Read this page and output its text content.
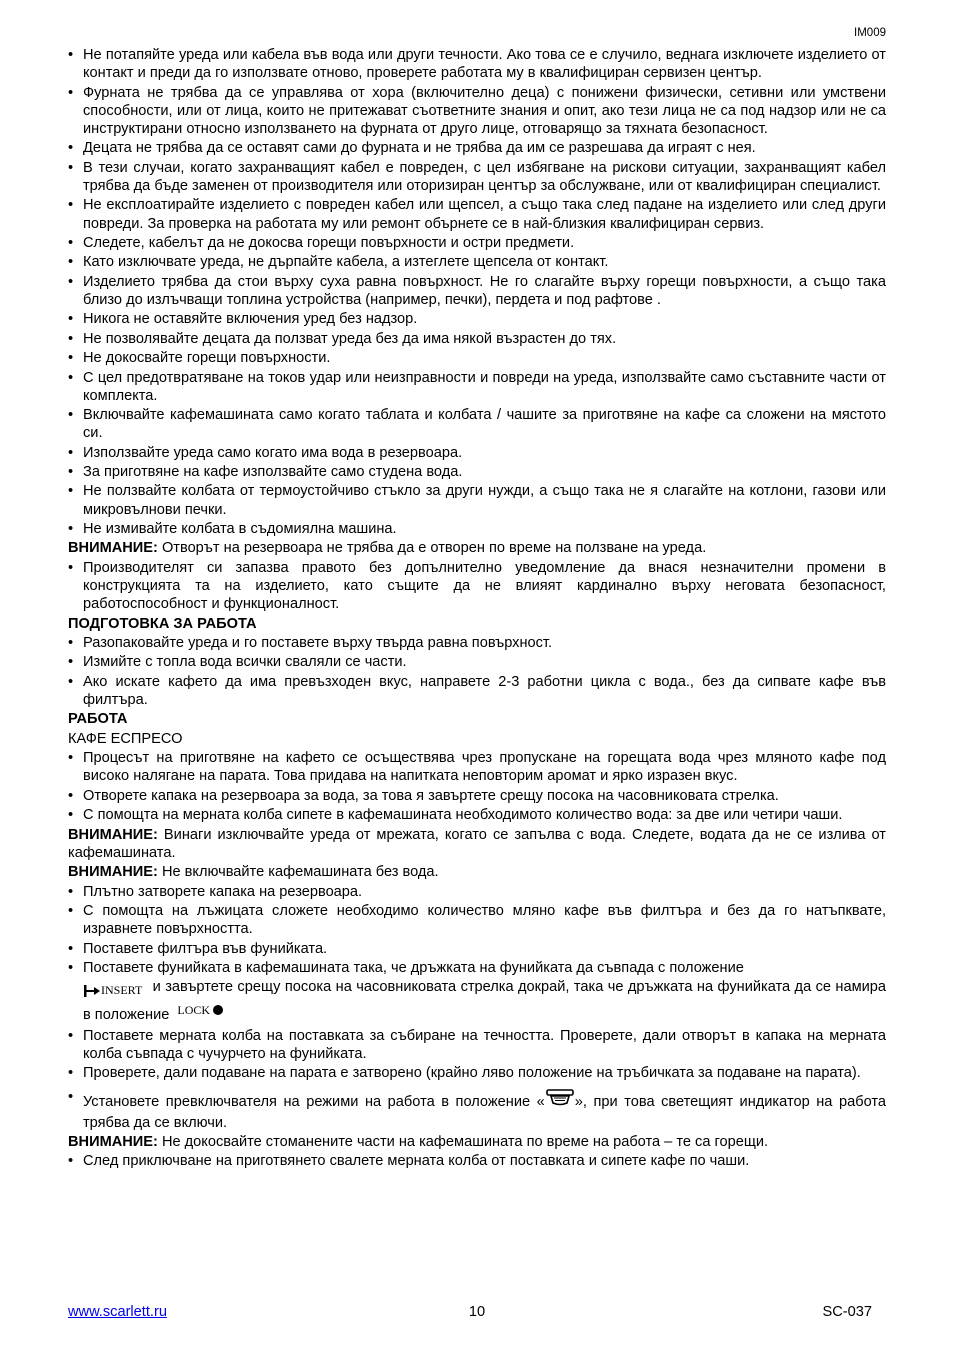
IM009
• Не потапяйте уреда или кабела във вода или други течности. Ако това се е случило, веднага изключете изделието от контакт и преди да го използвате отново, проверете работата му в квалифициран сервизен център.
• Фурната не трябва да се управлява от хора (включително деца) с понижени физически, сетивни или умствени способности, или от лица, които не притежават съответните знания и опит, ако тези лица не са под надзор или не са инструктирани относно използването на фурната от друго лице, отговарящо за тяхната безопасност.
• Децата не трябва да се оставят сами до фурната и не трябва да им се разрешава да играят с нея.
• В тези случаи, когато захранващият кабел е повреден, с цел избягване на рискови ситуации, захранващият кабел трябва да бъде заменен от производителя или оторизиран център за обслужване, или от квалифициран специалист.
• Не експлоатирайте изделието с повреден кабел или щепсел, а също така след падане на изделието или след други повреди. За проверка на работата му или ремонт обърнете се в най-близкия квалифициран сервиз.
• Следете, кабелът да не докосва горещи повърхности и остри предмети.
• Като изключвате уреда, не дърпайте кабела, а изтеглете щепсела от контакт.
• Изделието трябва да стои върху суха равна повърхност. Не го слагайте върху горещи повърхности, а също така близо до излъчващи топлина устройства (например, печки), пердета и под рафтове .
• Никога не оставяйте включения уред без надзор.
• Не позволявайте децата да ползват уреда без да има някой възрастен до тях.
• Не докосвайте горещи повърхности.
• С цел предотвратяване на токов удар или неизправности и повреди на уреда, използвайте само съставните части от комплекта.
• Включвайте кафемашината само когато таблата и колбата / чашите за приготвяне на кафе са сложени на мястото си.
• Използвайте уреда само когато има вода в резервоара.
• За приготвяне на кафе използвайте само студена вода.
• Не ползвайте колбата от термоустойчиво стъкло за други нужди, а също така не я слагайте на котлони, газови или микровълнови печки.
• Не измивайте колбата в съдомиялна машина.
ВНИМАНИЕ: Отворът на резервоара не трябва да е отворен по време на ползване на уреда.
• Производителят си запазва правото без допълнително уведомление да внася незначителни промени в конструкцията та на изделието, като същите да не влияят кардинално върху неговата безопасност, работоспособност и функционалност.
ПОДГОТОВКА ЗА РАБОТА
• Разопаковайте уреда и го поставете върху твърда равна повърхност.
• Измийте с топла вода всички сваляли се части.
• Ако искате кафето да има превъзходен вкус, направете 2-3 работни цикла с вода., без да сипвате кафе във филтъра.
РАБОТА
КАФЕ ЕСПРЕСО
• Процесът на приготвяне на кафето се осъществява чрез пропускане на горещата вода чрез мляното кафе под високо налягане на парата. Това придава на напитката неповторим аромат и ярко изразен вкус.
• Отворете капака на резервоара за вода, за това я завъртете срещу посока на часовниковата стрелка.
• С помощта на мерната колба сипете в кафемашината необходимото количество вода: за две или четири чаши.
ВНИМАНИЕ: Винаги изключвайте уреда от мрежата, когато се запълва с вода. Следете, водата да не се излива от кафемашината.
ВНИМАНИЕ: Не включвайте кафемашината без вода.
• Плътно затворете капака на резервоара.
• С помощта на лъжицата сложете необходимо количество мляно кафе във филтъра и без да го натъпквате, изравнете повърхността.
• Поставете филтъра във фунийката.
• Поставете фунийката в кафемашината така, че дръжката на фунийката да съвпада с положение
INSERT и завъртете срещу посока на часовниковата стрелка докрай, така че дръжката на фунийката да се намира в положение LOCK
• Поставете мерната колба на поставката за събиране на течността. Проверете, дали отворът в капака на мерната колба съвпада с чучурчето на фунийката.
• Проверете, дали подаване на парата е затворено (крайно ляво положение на тръбичката за подаване на парата).
• Установете превключвателя на режими на работа в положение « », при това светещият индикатор на работа трябва да се включи.
ВНИМАНИЕ: Не докосвайте стоманените части на кафемашината по време на работа – те са горещи.
• След приключване на приготвянето свалете мерната колба от поставката и сипете кафе по чаши.
www.scarlett.ru	10	SC-037
